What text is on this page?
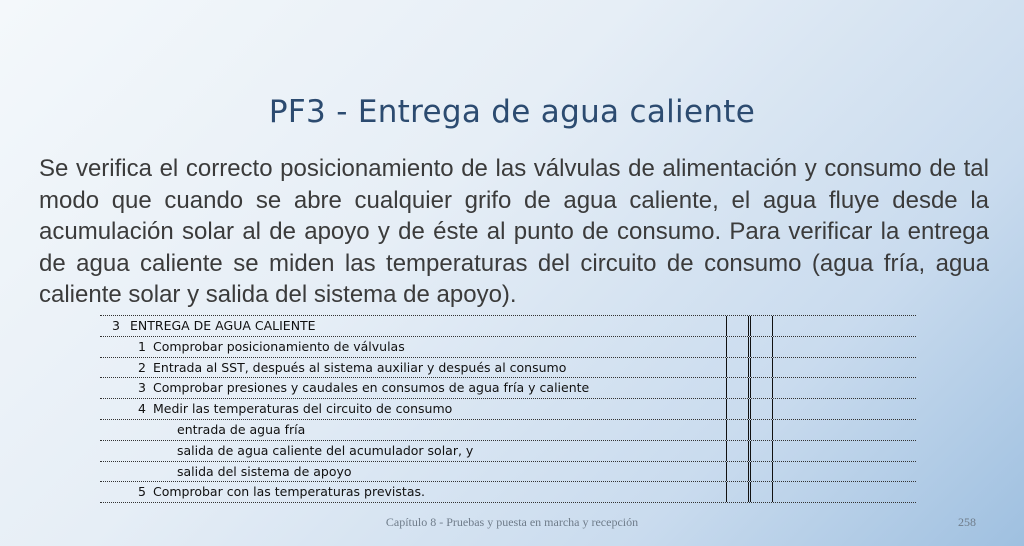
PF3 - Entrega de agua caliente
Se verifica el correcto posicionamiento de las válvulas de alimentación y consumo de tal modo que cuando se abre cualquier grifo de agua caliente, el agua fluye desde la acumulación solar al de apoyo y de éste al punto de consumo. Para verificar la entrega de agua caliente se miden las temperaturas del circuito de consumo (agua fría, agua caliente solar y salida del sistema de apoyo).
3 ENTREGA DE AGUA CALIENTE
1 Comprobar posicionamiento de válvulas
2 Entrada al SST, después al sistema auxiliar y después al consumo
3 Comprobar presiones y caudales en consumos de agua fría y caliente
4 Medir las temperaturas del circuito de consumo
entrada de agua fría
salida de agua caliente del acumulador solar, y
salida del sistema de apoyo
5 Comprobar con las temperaturas previstas.
Capítulo 8 - Pruebas y puesta en marcha y recepción	258
